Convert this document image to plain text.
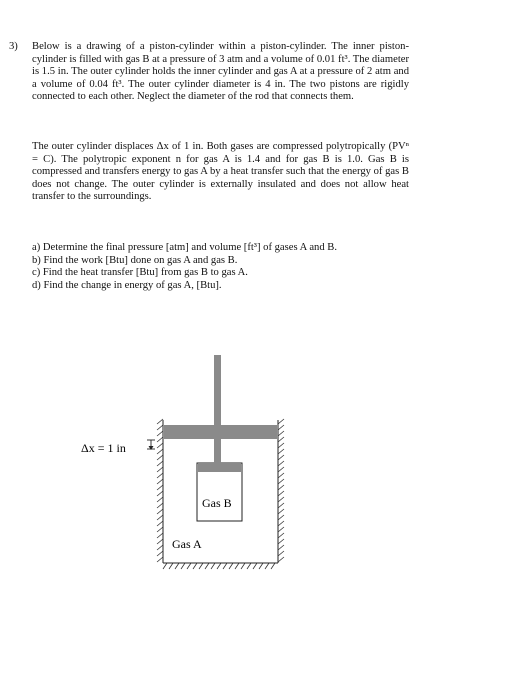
3) Below is a drawing of a piston-cylinder within a piston-cylinder. The inner piston-cylinder is filled with gas B at a pressure of 3 atm and a volume of 0.01 ft³. The diameter is 1.5 in. The outer cylinder holds the inner cylinder and gas A at a pressure of 2 atm and a volume of 0.04 ft³. The outer cylinder diameter is 4 in. The two pistons are rigidly connected to each other. Neglect the diameter of the rod that connects them.
The outer cylinder displaces Δx of 1 in. Both gases are compressed polytropically (PVⁿ = C). The polytropic exponent n for gas A is 1.4 and for gas B is 1.0. Gas B is compressed and transfers energy to gas A by a heat transfer such that the energy of gas B does not change. The outer cylinder is externally insulated and does not allow heat transfer to the surroundings.
a) Determine the final pressure [atm] and volume [ft³] of gases A and B.
b) Find the work [Btu] done on gas A and gas B.
c) Find the heat transfer [Btu] from gas B to gas A.
d) Find the change in energy of gas A, [Btu].
Δx = 1 in
Gas B
Gas A
